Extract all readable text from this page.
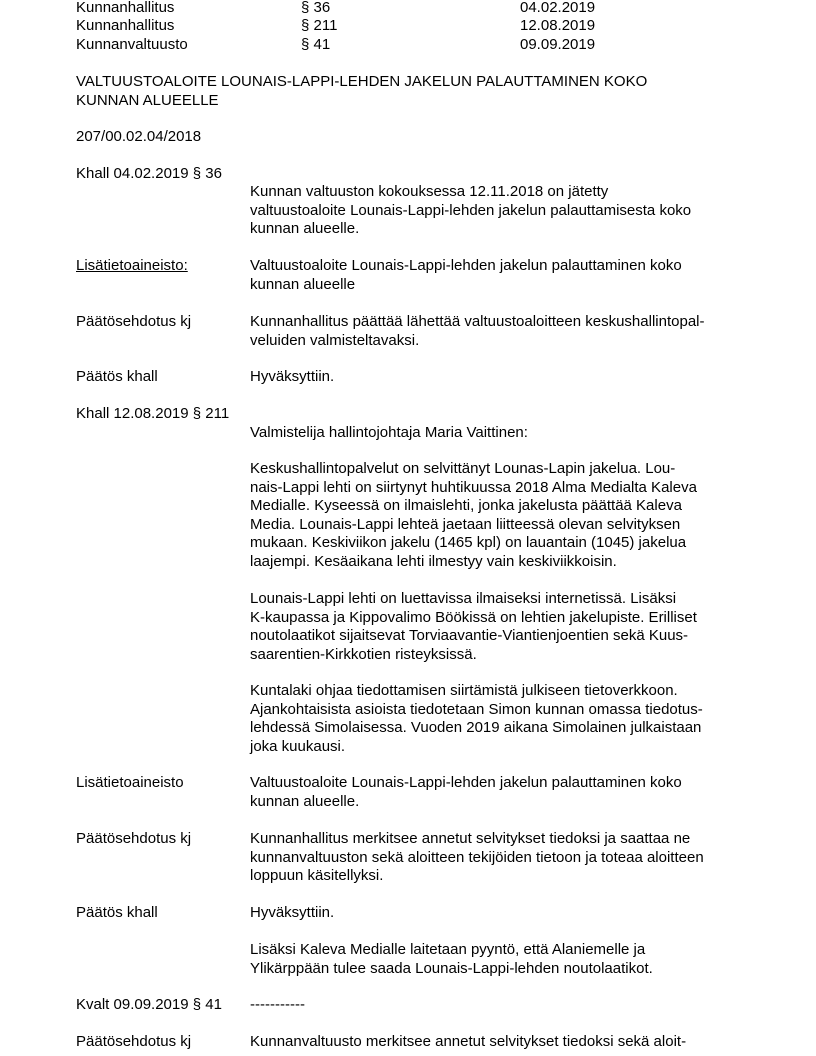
Kunnanhallitus	§ 36	04.02.2019
Kunnanhallitus	§ 211	12.08.2019
Kunnanvaltuusto	§ 41	09.09.2019
VALTUUSTOALOITE LOUNAIS-LAPPI-LEHDEN JAKELUN PALAUTTAMINEN KOKO
KUNNAN ALUEELLE
207/00.02.04/2018
Khall 04.02.2019 § 36
Kunnan valtuuston kokouksessa 12.11.2018 on jätetty
valtuustoaloite Lounais-Lappi-lehden jakelun palauttamisesta koko
kunnan alueelle.
Lisätietoaineisto:	Valtuustoaloite Lounais-Lappi-lehden jakelun palauttaminen koko
kunnan alueelle
Päätösehdotus kj	Kunnanhallitus päättää lähettää valtuustoaloitteen keskushallintopal-
veluiden valmisteltavaksi.
Päätös khall	Hyväksyttiin.
Khall 12.08.2019 § 211
Valmistelija hallintojohtaja Maria Vaittinen:
Keskushallintopalvelut on selvittänyt Lounas-Lapin jakelua. Lou-
nais-Lappi lehti on siirtynyt huhtikuussa 2018 Alma Medialta Kaleva
Medialle. Kyseessä on ilmaislehti, jonka jakelusta päättää Kaleva
Media. Lounais-Lappi lehteä jaetaan liitteessä olevan selvityksen
mukaan. Keskiviikon jakelu (1465 kpl) on lauantain (1045) jakelua
laajempi. Kesäaikana lehti ilmestyy vain keskiviikkoisin.
Lounais-Lappi lehti on luettavissa ilmaiseksi internetissä. Lisäksi
K-kaupassa ja Kippovalimo Böökissä on lehtien jakelupiste. Erilliset
noutolaatikot sijaitsevat Torviaavantie-Viantienjoentien sekä Kuus-
saarentien-Kirkkotien risteyksissä.
Kuntalaki ohjaa tiedottamisen siirtämistä julkiseen tietoverkkoon.
Ajankohtaisista asioista tiedotetaan Simon kunnan omassa tiedotus-
lehdessä Simolaisessa. Vuoden 2019 aikana Simolainen julkaistaan
joka kuukausi.
Lisätietoaineisto	Valtuustoaloite Lounais-Lappi-lehden jakelun palauttaminen koko
kunnan alueelle.
Päätösehdotus kj	Kunnanhallitus merkitsee annetut selvitykset tiedoksi ja saattaa ne
kunnanvaltuuston sekä aloitteen tekijöiden tietoon ja toteaa aloitteen
loppuun käsitellyksi.
Päätös khall	Hyväksyttiin.
Lisäksi Kaleva Medialle laitetaan pyyntö, että Alaniemelle ja
Ylikärppään tulee saada Lounais-Lappi-lehden noutolaatikot.
Kvalt 09.09.2019 § 41 -----------
Päätösehdotus kj	Kunnanvaltuusto merkitsee annetut selvitykset tiedoksi sekä aloit-
